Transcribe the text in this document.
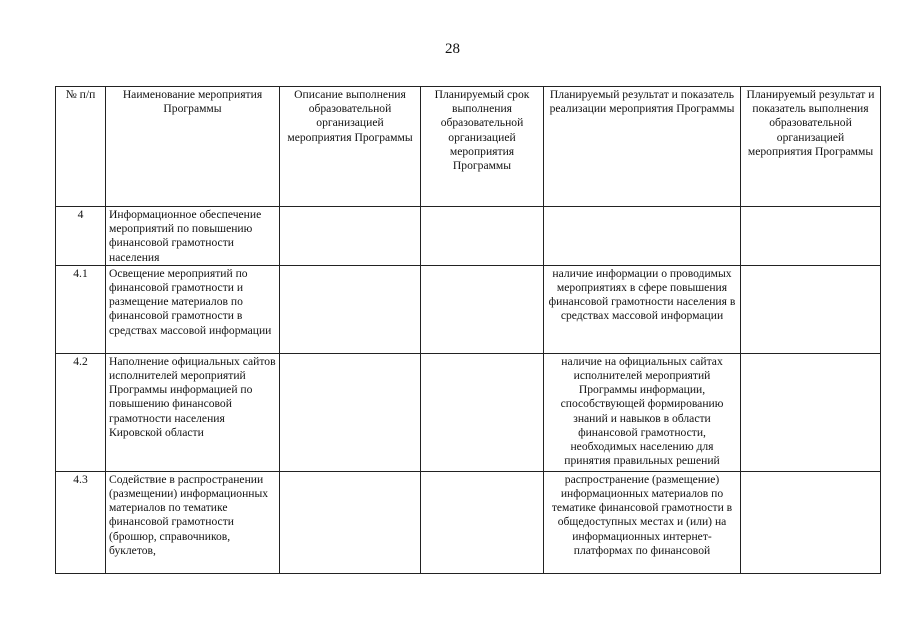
28
№ п/п	Наименование мероприятия Программы	Описание выполнения образовательной организацией мероприятия Программы	Планируемый срок выполнения образовательной организацией мероприятия Программы	Планируемый результат и показатель реализации мероприятия Программы	Планируемый результат и показатель выполнения образовательной организацией мероприятия Программы
4	Информационное обеспечение мероприятий по повышению финансовой грамотности населения				
4.1	Освещение мероприятий по финансовой грамотности и размещение материалов по финансовой грамотности в средствах массовой информации			наличие информации о проводимых мероприятиях в сфере повышения финансовой грамотности населения в средствах массовой информации	
4.2	Наполнение официальных сайтов исполнителей мероприятий Программы информацией по повышению финансовой грамотности населения Кировской области			наличие на официальных сайтах исполнителей мероприятий Программы информации, способствующей формированию знаний и навыков в области финансовой грамотности, необходимых населению для принятия правильных решений	
4.3	Содействие в распространении (размещении) информационных материалов по тематике финансовой грамотности (брошюр, справочников, буклетов,			распространение (размещение) информационных материалов по тематике финансовой грамотности в общедоступных местах и (или) на информационных интернет-платформах по финансовой	
